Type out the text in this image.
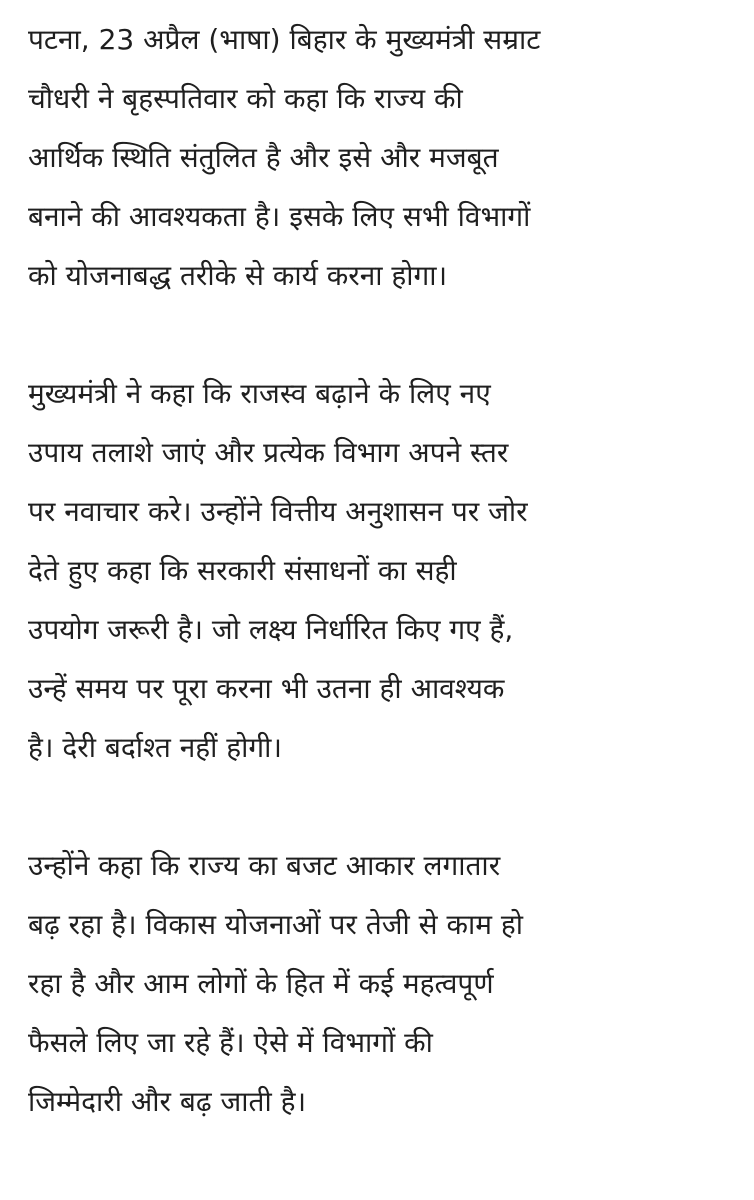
पटना, 23 अप्रैल (भाषा) बिहार के मुख्यमंत्री सम्राट
चौधरी ने बृहस्पतिवार को कहा कि राज्य की
आर्थिक स्थिति संतुलित है और इसे और मजबूत
बनाने की आवश्यकता है। इसके लिए सभी विभागों
को योजनाबद्ध तरीके से कार्य करना होगा।

मुख्यमंत्री ने कहा कि राजस्व बढ़ाने के लिए नए
उपाय तलाशे जाएं और प्रत्येक विभाग अपने स्तर
पर नवाचार करे। उन्होंने वित्तीय अनुशासन पर जोर
देते हुए कहा कि सरकारी संसाधनों का सही
उपयोग जरूरी है। जो लक्ष्य निर्धारित किए गए हैं,
उन्हें समय पर पूरा करना भी उतना ही आवश्यक
है। देरी बर्दाश्त नहीं होगी।

उन्होंने कहा कि राज्य का बजट आकार लगातार
बढ़ रहा है। विकास योजनाओं पर तेजी से काम हो
रहा है और आम लोगों के हित में कई महत्वपूर्ण
फैसले लिए जा रहे हैं। ऐसे में विभागों की
जिम्मेदारी और बढ़ जाती है।
